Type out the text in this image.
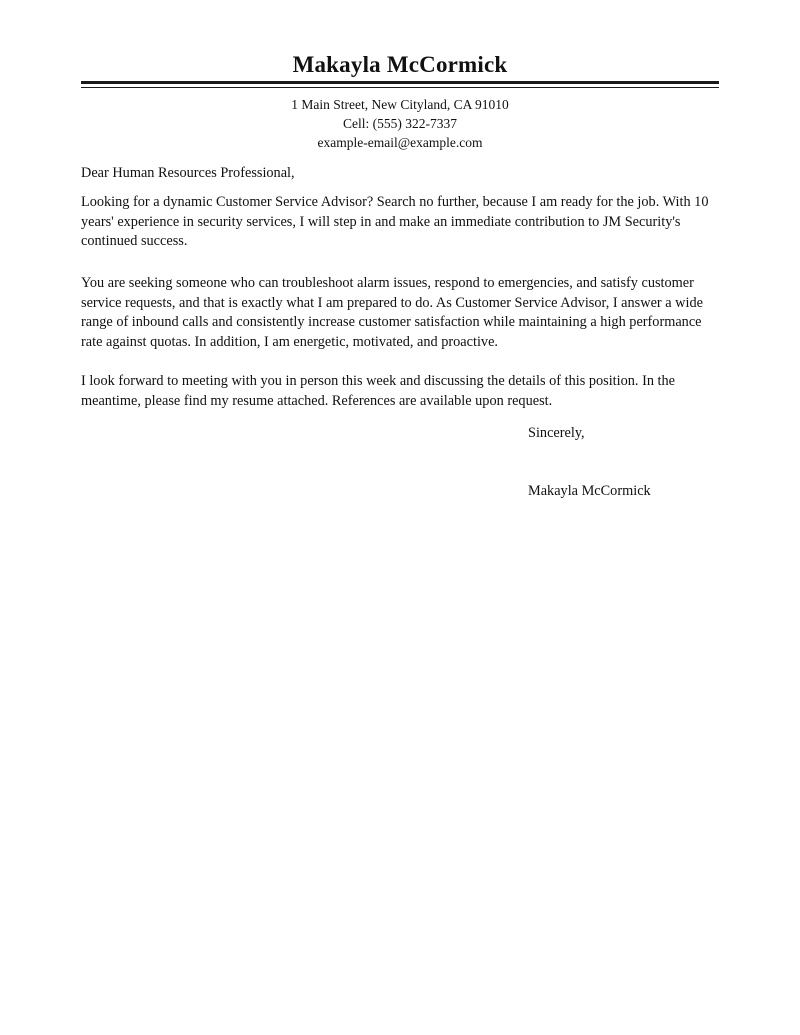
Makayla McCormick
1 Main Street, New Cityland, CA 91010
Cell: (555) 322-7337
example-email@example.com
Dear Human Resources Professional,

Looking for a dynamic Customer Service Advisor? Search no further, because I am ready for the job. With 10 years' experience in security services, I will step in and make an immediate contribution to JM Security's continued success.

You are seeking someone who can troubleshoot alarm issues, respond to emergencies, and satisfy customer service requests, and that is exactly what I am prepared to do. As Customer Service Advisor, I answer a wide range of inbound calls and consistently increase customer satisfaction while maintaining a high performance rate against quotas. In addition, I am energetic, motivated, and proactive.

I look forward to meeting with you in person this week and discussing the details of this position. In the meantime, please find my resume attached. References are available upon request.

Sincerely,
Makayla McCormick
